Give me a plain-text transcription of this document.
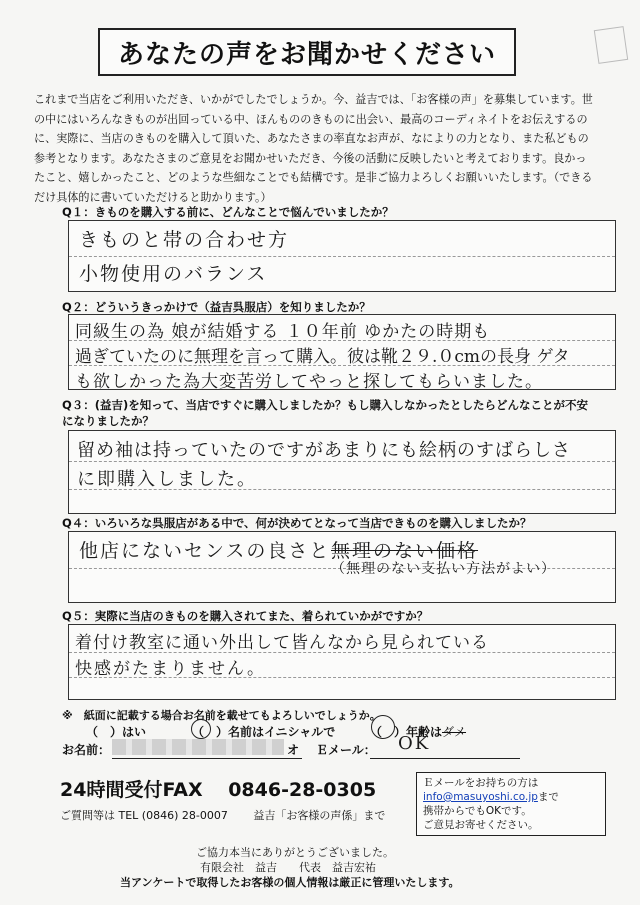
あなたの声をお聞かせください
これまで当店をご利用いただき、いかがでしたでしょうか。今、益吉では、「お客様の声」を募集しています。世の中にはいろんなきものが出回っている中、ほんもののきものに出会い、最高のコーディネイトをお伝えするのに、実際に、当店のきものを購入して頂いた、あなたさまの率直なお声が、なによりの力となり、また私どもの参考となります。あなたさまのご意見をお聞かせいただき、今後の活動に反映したいと考えております。良かったこと、嬉しかったこと、どのような些細なことでも結構です。是非ご協力よろしくお願いいたします。（できるだけ具体的に書いていただけると助かります。）
Q１：きものを購入する前に、どんなことで悩んでいましたか？
きものと帯の合わせ方
小物使用のバランス
Q２：どういうきっかけで（益吉呉服店）を知りましたか？
同級生の為 娘が結婚する １０年前 ゆかたの時期も
過ぎていたのに無理を言って購入。彼は靴２９.０cmの長身 ゲタ
も欲しかった為大変苦労してやっと探してもらいました。
Q３：(益吉)を知って、当店ですぐに購入しましたか？もし購入しなかったとしたらどんなことが不安
になりましたか？
留め袖は持っていたのですがあまりにも絵柄のすばらしさ
に即購入しました。
Q４：いろいろな呉服店がある中で、何が決めてとなって当店できものを購入しましたか？
他店にないセンスの良さと 無理のない価格
（無理のない支払い方法がよい）
Q５：実際に当店のきものを購入されてまた、着られていかがですか？
着付け教室に通い外出して皆んなから見られている
快感がたまりません。
※　紙面に記載する場合お名前を載せてもよろしいでしょうか。
（　）はい	（　）名前はイニシャルで	（　）年齢は ダメ
お名前：	オ Ｅメール： OK
24時間受付FAX　 0846-28-0305
ご質問等は TEL (0846) 28-0007　　 益吉「お客様の声係」まで
Ｅメールをお持ちの方は
info@masuyoshi.co.jpまで
携帯からでもOKです。
ご意見お寄せください。
ご協力本当にありがとうございました。
有限会社　益吉　　代表　益吉宏祐
当アンケートで取得したお客様の個人情報は厳正に管理いたします。
